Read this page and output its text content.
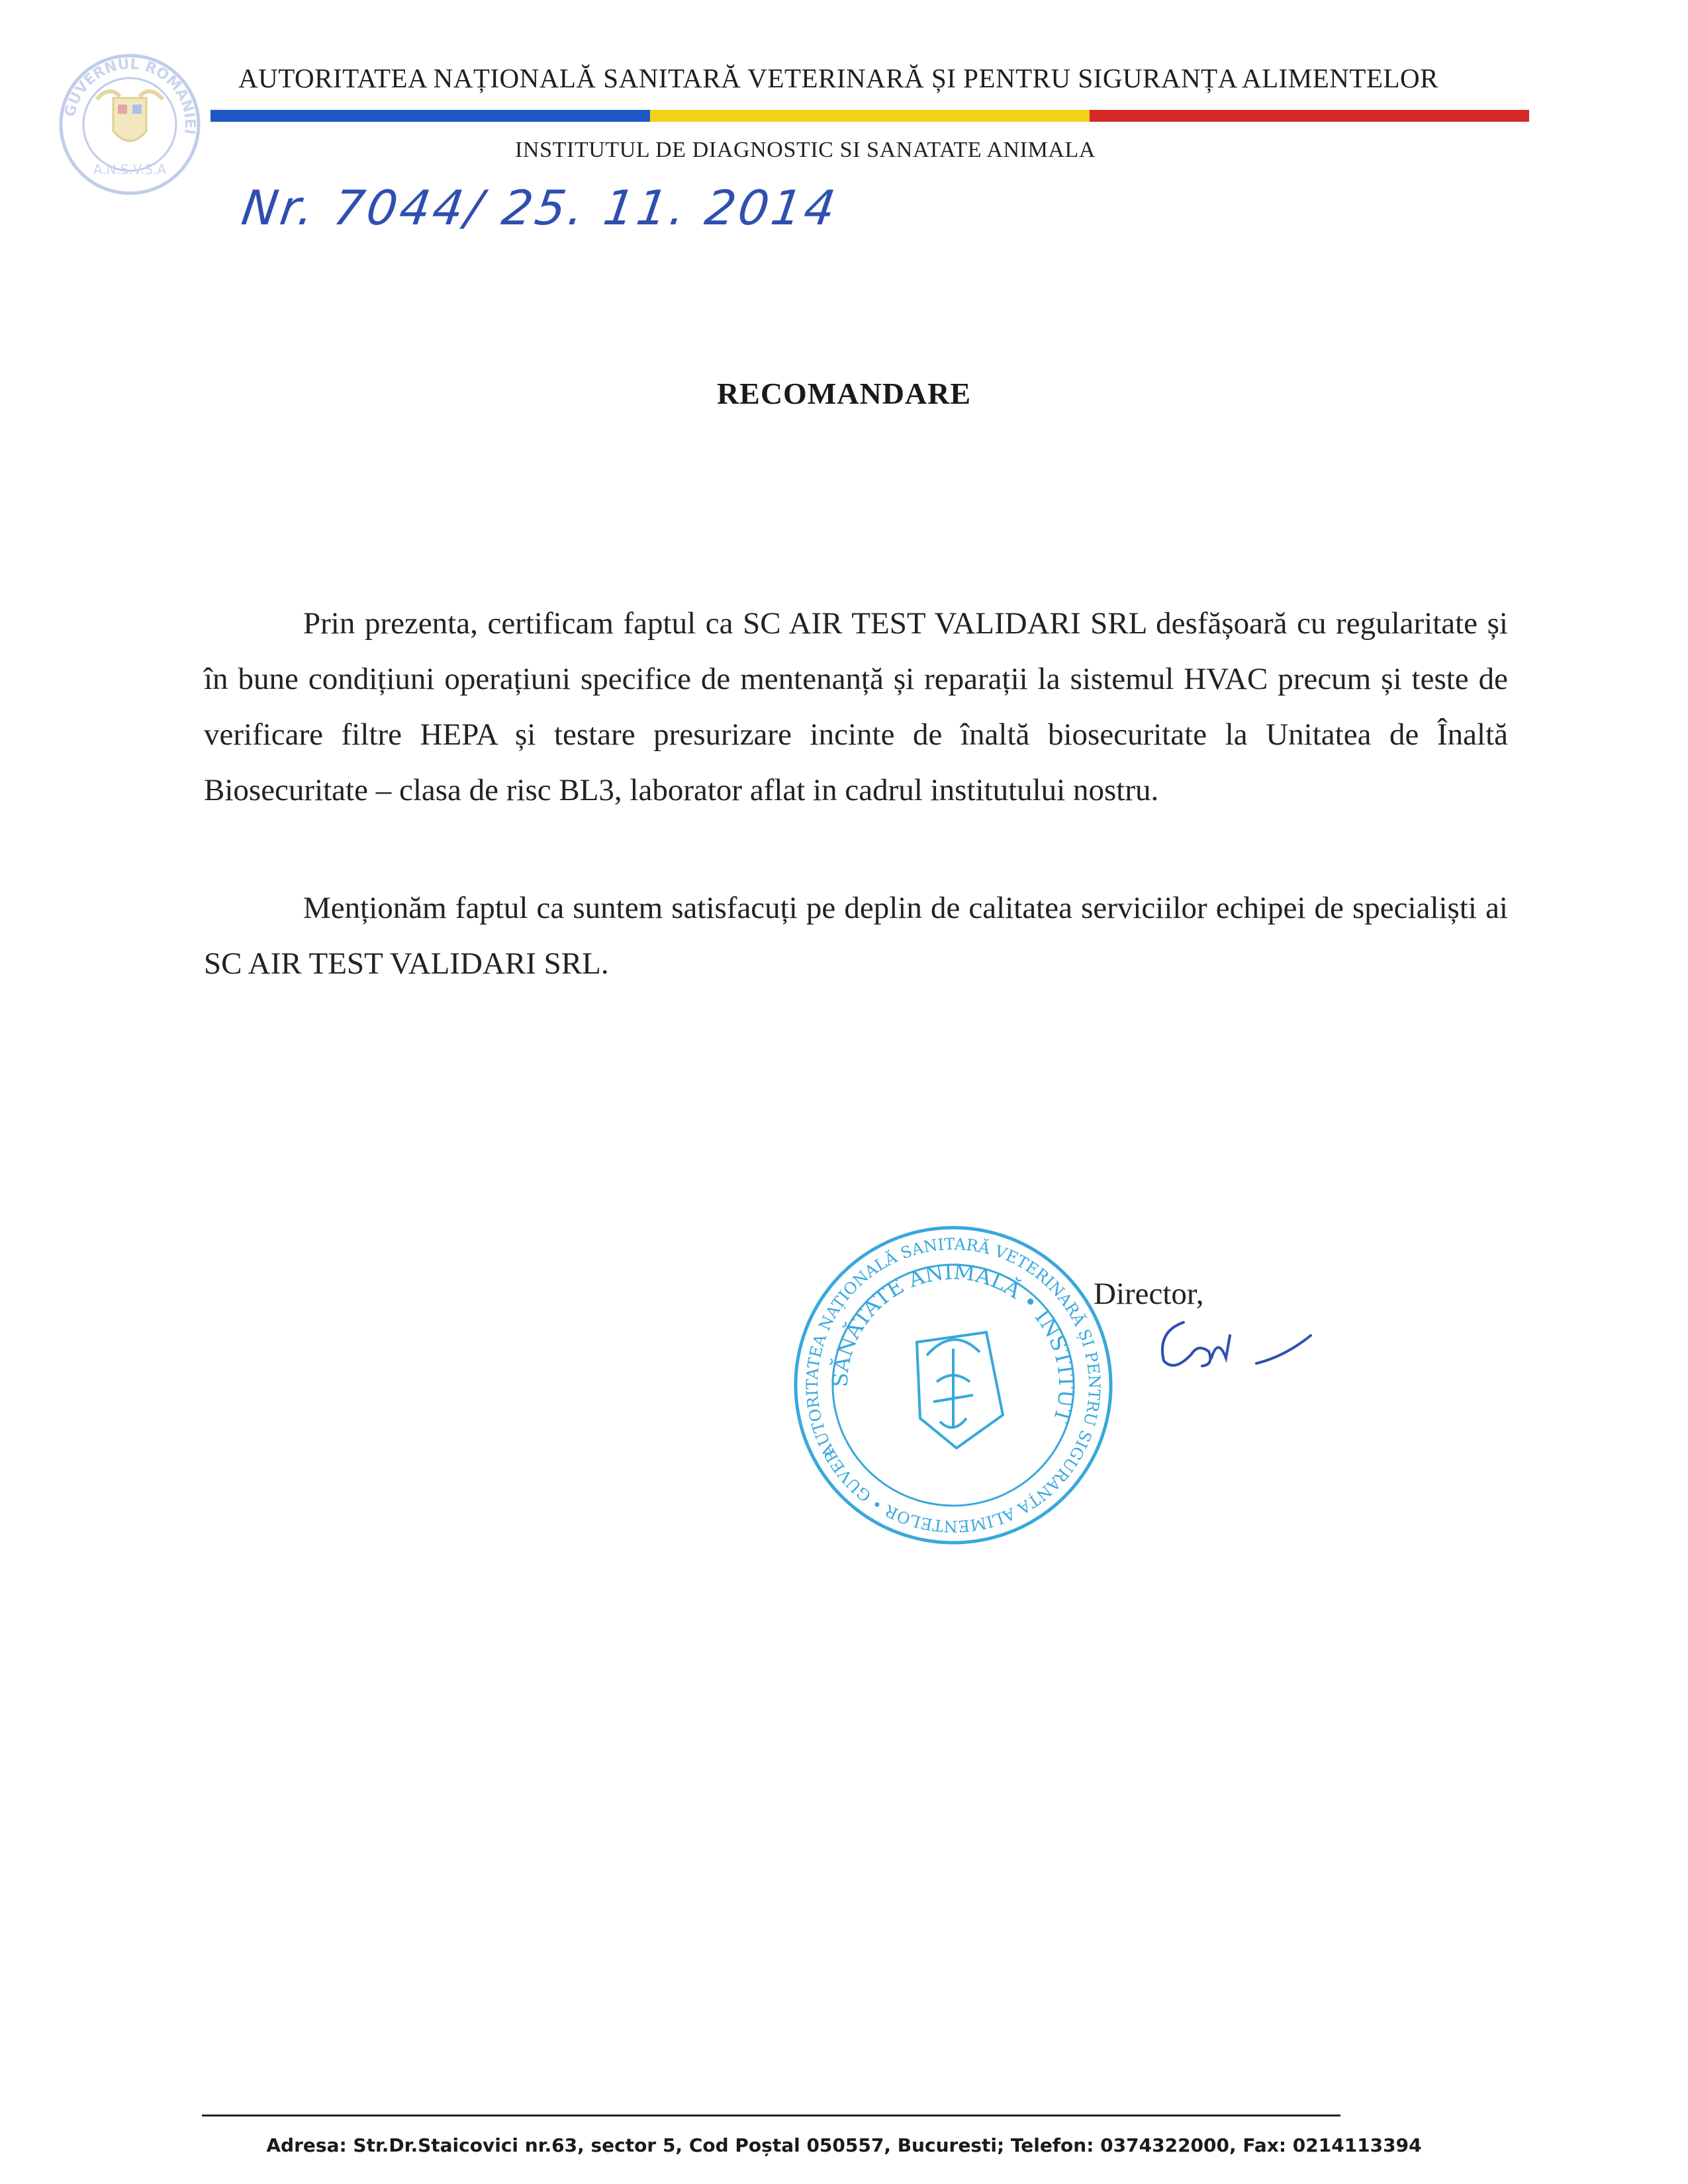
GUVERNUL ROMANIEI
A.N.S.V.S.A
AUTORITATEA NAȚIONALĂ SANITARĂ VETERINARĂ ȘI PENTRU SIGURANȚA ALIMENTELOR
INSTITUTUL DE DIAGNOSTIC SI SANATATE ANIMALA
Nr. 7044/ 25. 11. 2014
RECOMANDARE
Prin prezenta, certificam faptul ca SC AIR TEST VALIDARI SRL desfășoară cu regularitate și în bune condițiuni operațiuni specifice de mentenanță și reparații la sistemul HVAC precum și teste de verificare filtre HEPA și testare presurizare incinte de înaltă biosecuritate la Unitatea de Înaltă Biosecuritate – clasa de risc BL3, laborator aflat in cadrul institutului nostru.
Menționăm faptul ca suntem satisfacuți pe deplin de calitatea serviciilor echipei de specialiști ai SC AIR TEST VALIDARI SRL.
AUTORITATEA NAȚIONALĂ SANITARĂ VETERINARĂ ȘI PENTRU SIGURANȚA ALIMENTELOR • GUVERNUL
SĂNĂTATE ANIMALĂ • INSTITUT
Director,
Adresa: Str.Dr.Staicovici nr.63, sector 5, Cod Poștal 050557, Bucuresti; Telefon: 0374322000, Fax: 0214113394
